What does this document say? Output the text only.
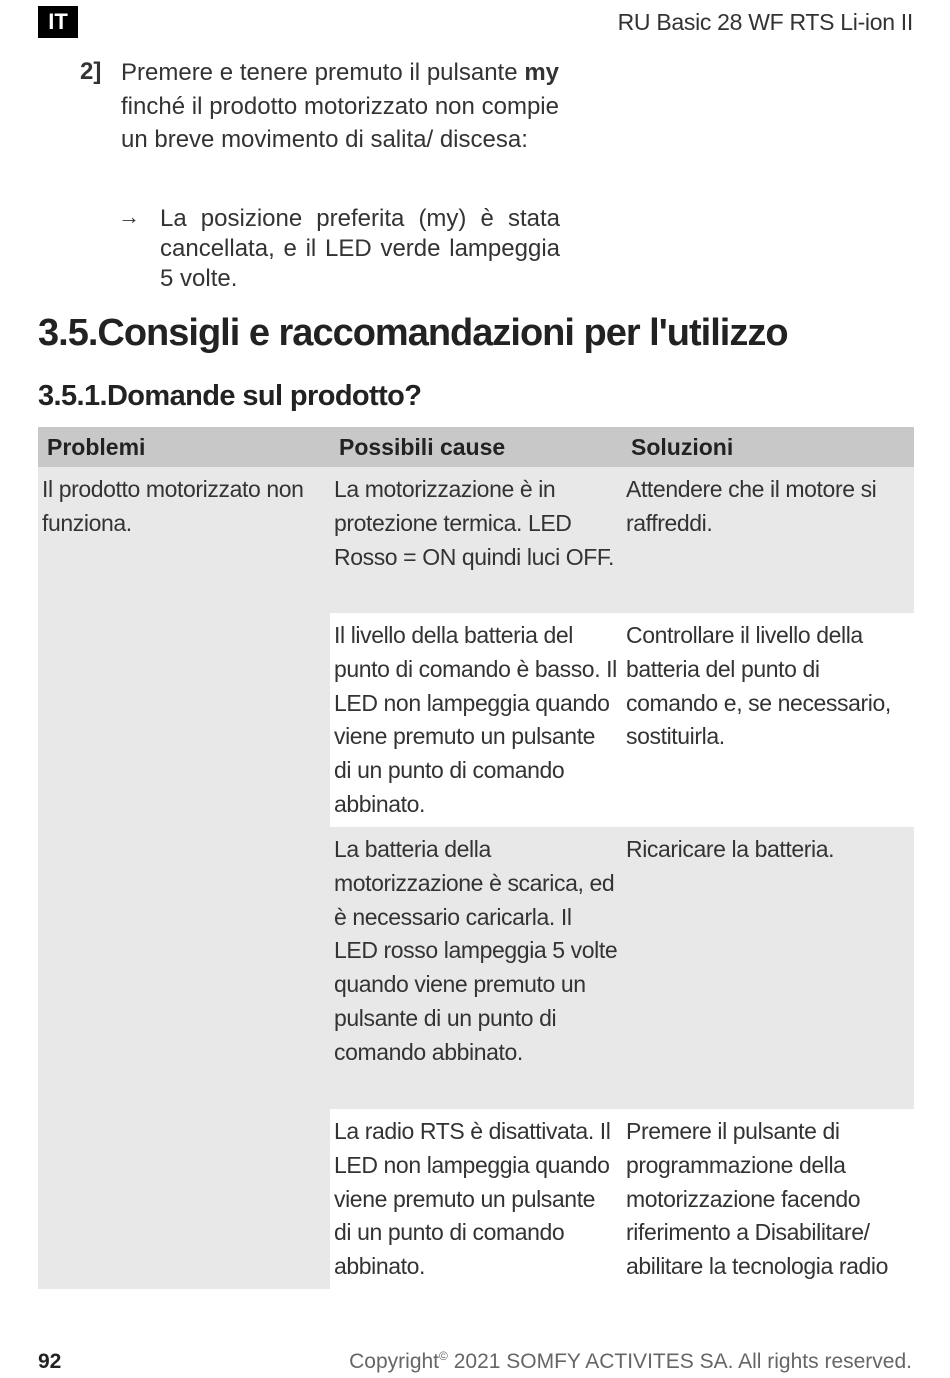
IT	RU Basic 28 WF RTS Li-ion II
2] Premere e tenere premuto il pulsante my finché il prodotto motorizzato non compie un breve movimento di salita/ discesa:

→ La posizione preferita (my) è stata cancellata, e il LED verde lampeggia 5 volte.

3.5.Consigli e raccomandazioni per l'utilizzo
3.5.1.Domande sul prodotto?
Problemi	Possibili cause	Soluzioni
Il prodotto motorizzato non funziona.	La motorizzazione è in protezione termica. LED Rosso = ON quindi luci OFF.	Attendere che il motore si raffreddi.
	Il livello della batteria del punto di comando è basso. Il LED non lampeggia quando viene premuto un pulsante di un punto di comando abbinato.	Controllare il livello della batteria del punto di comando e, se necessario, sostituirla.
	La batteria della motorizzazione è scarica, ed è necessario caricarla. Il LED rosso lampeggia 5 volte quando viene premuto un pulsante di un punto di comando abbinato.	Ricaricare la batteria.
	La radio RTS è disattivata. Il LED non lampeggia quando viene premuto un pulsante di un punto di comando abbinato.	Premere il pulsante di programmazione della motorizzazione facendo riferimento a Disabilitare/ abilitare la tecnologia radio
92	Copyright© 2021 SOMFY ACTIVITES SA. All rights reserved.
